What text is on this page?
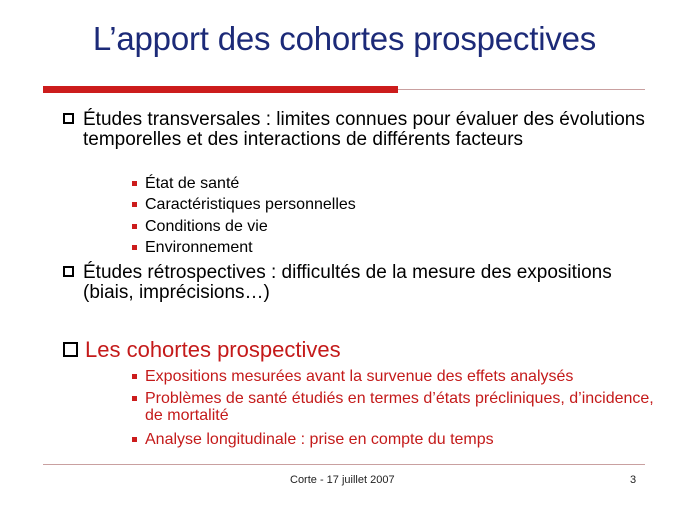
L’apport des cohortes prospectives
Études transversales : limites connues pour évaluer des évolutions temporelles et des interactions de différents facteurs
État de santé
Caractéristiques personnelles
Conditions de vie
Environnement
Études rétrospectives : difficultés de la mesure des expositions (biais, imprécisions…)
Les cohortes prospectives
Expositions mesurées avant la survenue des effets analysés
Problèmes de santé étudiés en termes d’états précliniques, d’incidence, de mortalité
Analyse longitudinale : prise en compte du temps
Corte - 17 juillet 2007	3
